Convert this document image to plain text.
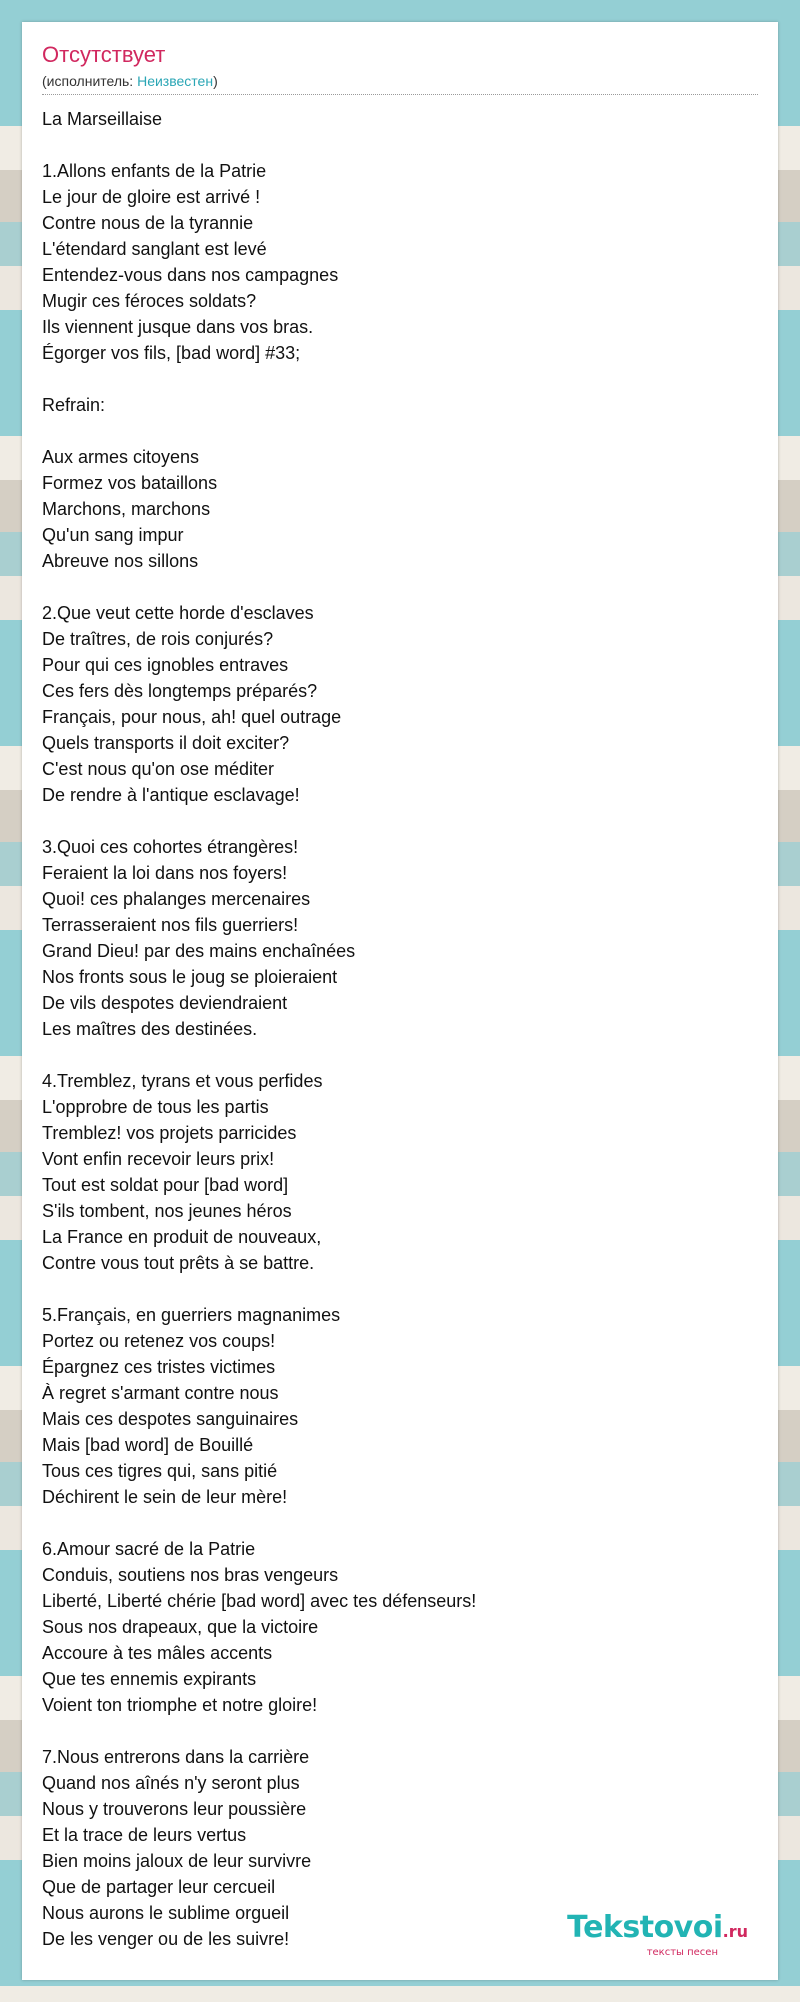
Отсутствует
(исполнитель: Неизвестен)
La Marseillaise

1.Allons enfants de la Patrie
Le jour de gloire est arrivé !
Contre nous de la tyrannie
L'étendard sanglant est levé
Entendez-vous dans nos campagnes
Mugir ces féroces soldats?
Ils viennent jusque dans vos bras.
Égorger vos fils, [bad word] #33;

Refrain:

Aux armes citoyens
Formez vos bataillons
Marchons, marchons
Qu'un sang impur
Abreuve nos sillons

2.Que veut cette horde d'esclaves
De traîtres, de rois conjurés?
Pour qui ces ignobles entraves
Ces fers dès longtemps préparés?
Français, pour nous, ah! quel outrage
Quels transports il doit exciter?
C'est nous qu'on ose méditer
De rendre à l'antique esclavage!

3.Quoi ces cohortes étrangères!
Feraient la loi dans nos foyers!
Quoi! ces phalanges mercenaires
Terrasseraient nos fils guerriers!
Grand Dieu! par des mains enchaînées
Nos fronts sous le joug se ploieraient
De vils despotes deviendraient
Les maîtres des destinées.

4.Tremblez, tyrans et vous perfides
L'opprobre de tous les partis
Tremblez! vos projets parricides
Vont enfin recevoir leurs prix!
Tout est soldat pour [bad word]
S'ils tombent, nos jeunes héros
La France en produit de nouveaux,
Contre vous tout prêts à se battre.

5.Français, en guerriers magnanimes
Portez ou retenez vos coups!
Épargnez ces tristes victimes
À regret s'armant contre nous
Mais ces despotes sanguinaires
Mais [bad word] de Bouillé
Tous ces tigres qui, sans pitié
Déchirent le sein de leur mère!

6.Amour sacré de la Patrie
Conduis, soutiens nos bras vengeurs
Liberté, Liberté chérie [bad word] avec tes défenseurs!
Sous nos drapeaux, que la victoire
Accoure à tes mâles accents
Que tes ennemis expirants
Voient ton triomphe et notre gloire!

7.Nous entrerons dans la carrière
Quand nos aînés n'y seront plus
Nous y trouverons leur poussière
Et la trace de leurs vertus
Bien moins jaloux de leur survivre
Que de partager leur cercueil
Nous aurons le sublime orgueil
De les venger ou de les suivre!	Tekstovoi.ru
тексты песен
